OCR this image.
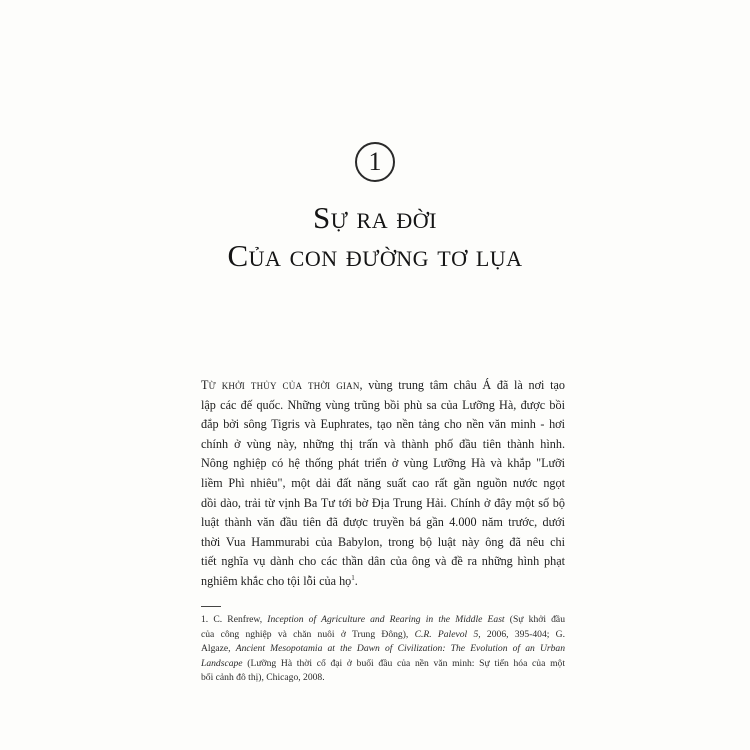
1
Sự ra đời
Của con đường tơ lụa
Từ khởi thủy của thời gian, vùng trung tâm châu Á đã là nơi tạo
lập các đế quốc. Những vùng trũng bồi phù sa của Lưỡng Hà, được bồi
đắp bởi sông Tigris và Euphrates, tạo nền tảng cho nền văn minh - hơi
chính ở vùng này, những thị trấn và thành phố đầu tiên thành hình.
Nông nghiệp có hệ thống phát triển ở vùng Lưỡng Hà và khắp "Lưỡi
liềm Phì nhiêu", một dải đất năng suất cao rất gần nguồn nước ngọt
dồi dào, trải từ vịnh Ba Tư tới bờ Địa Trung Hải. Chính ở đây một số bộ
luật thành văn đầu tiên đã được truyền bá gần 4.000 năm trước, dưới
thời Vua Hammurabi của Babylon, trong bộ luật này ông đã nêu chi
tiết nghĩa vụ dành cho các thần dân của ông và đề ra những hình phạt
nghiêm khắc cho tội lỗi của họ$^1$.
1. C. Renfrew, Inception of Agriculture and Rearing in the Middle East (Sự khởi đầu
của công nghiệp và chăn nuôi ở Trung Đông), C.R. Palevol 5, 2006, 395-404; G.
Algaze, Ancient Mesopotamia at the Dawn of Civilization: The Evolution of an Urban
Landscape (Lưỡng Hà thời cổ đại ở buổi đầu của nền văn minh: Sự tiến hóa của một
bối cảnh đô thị), Chicago, 2008.
